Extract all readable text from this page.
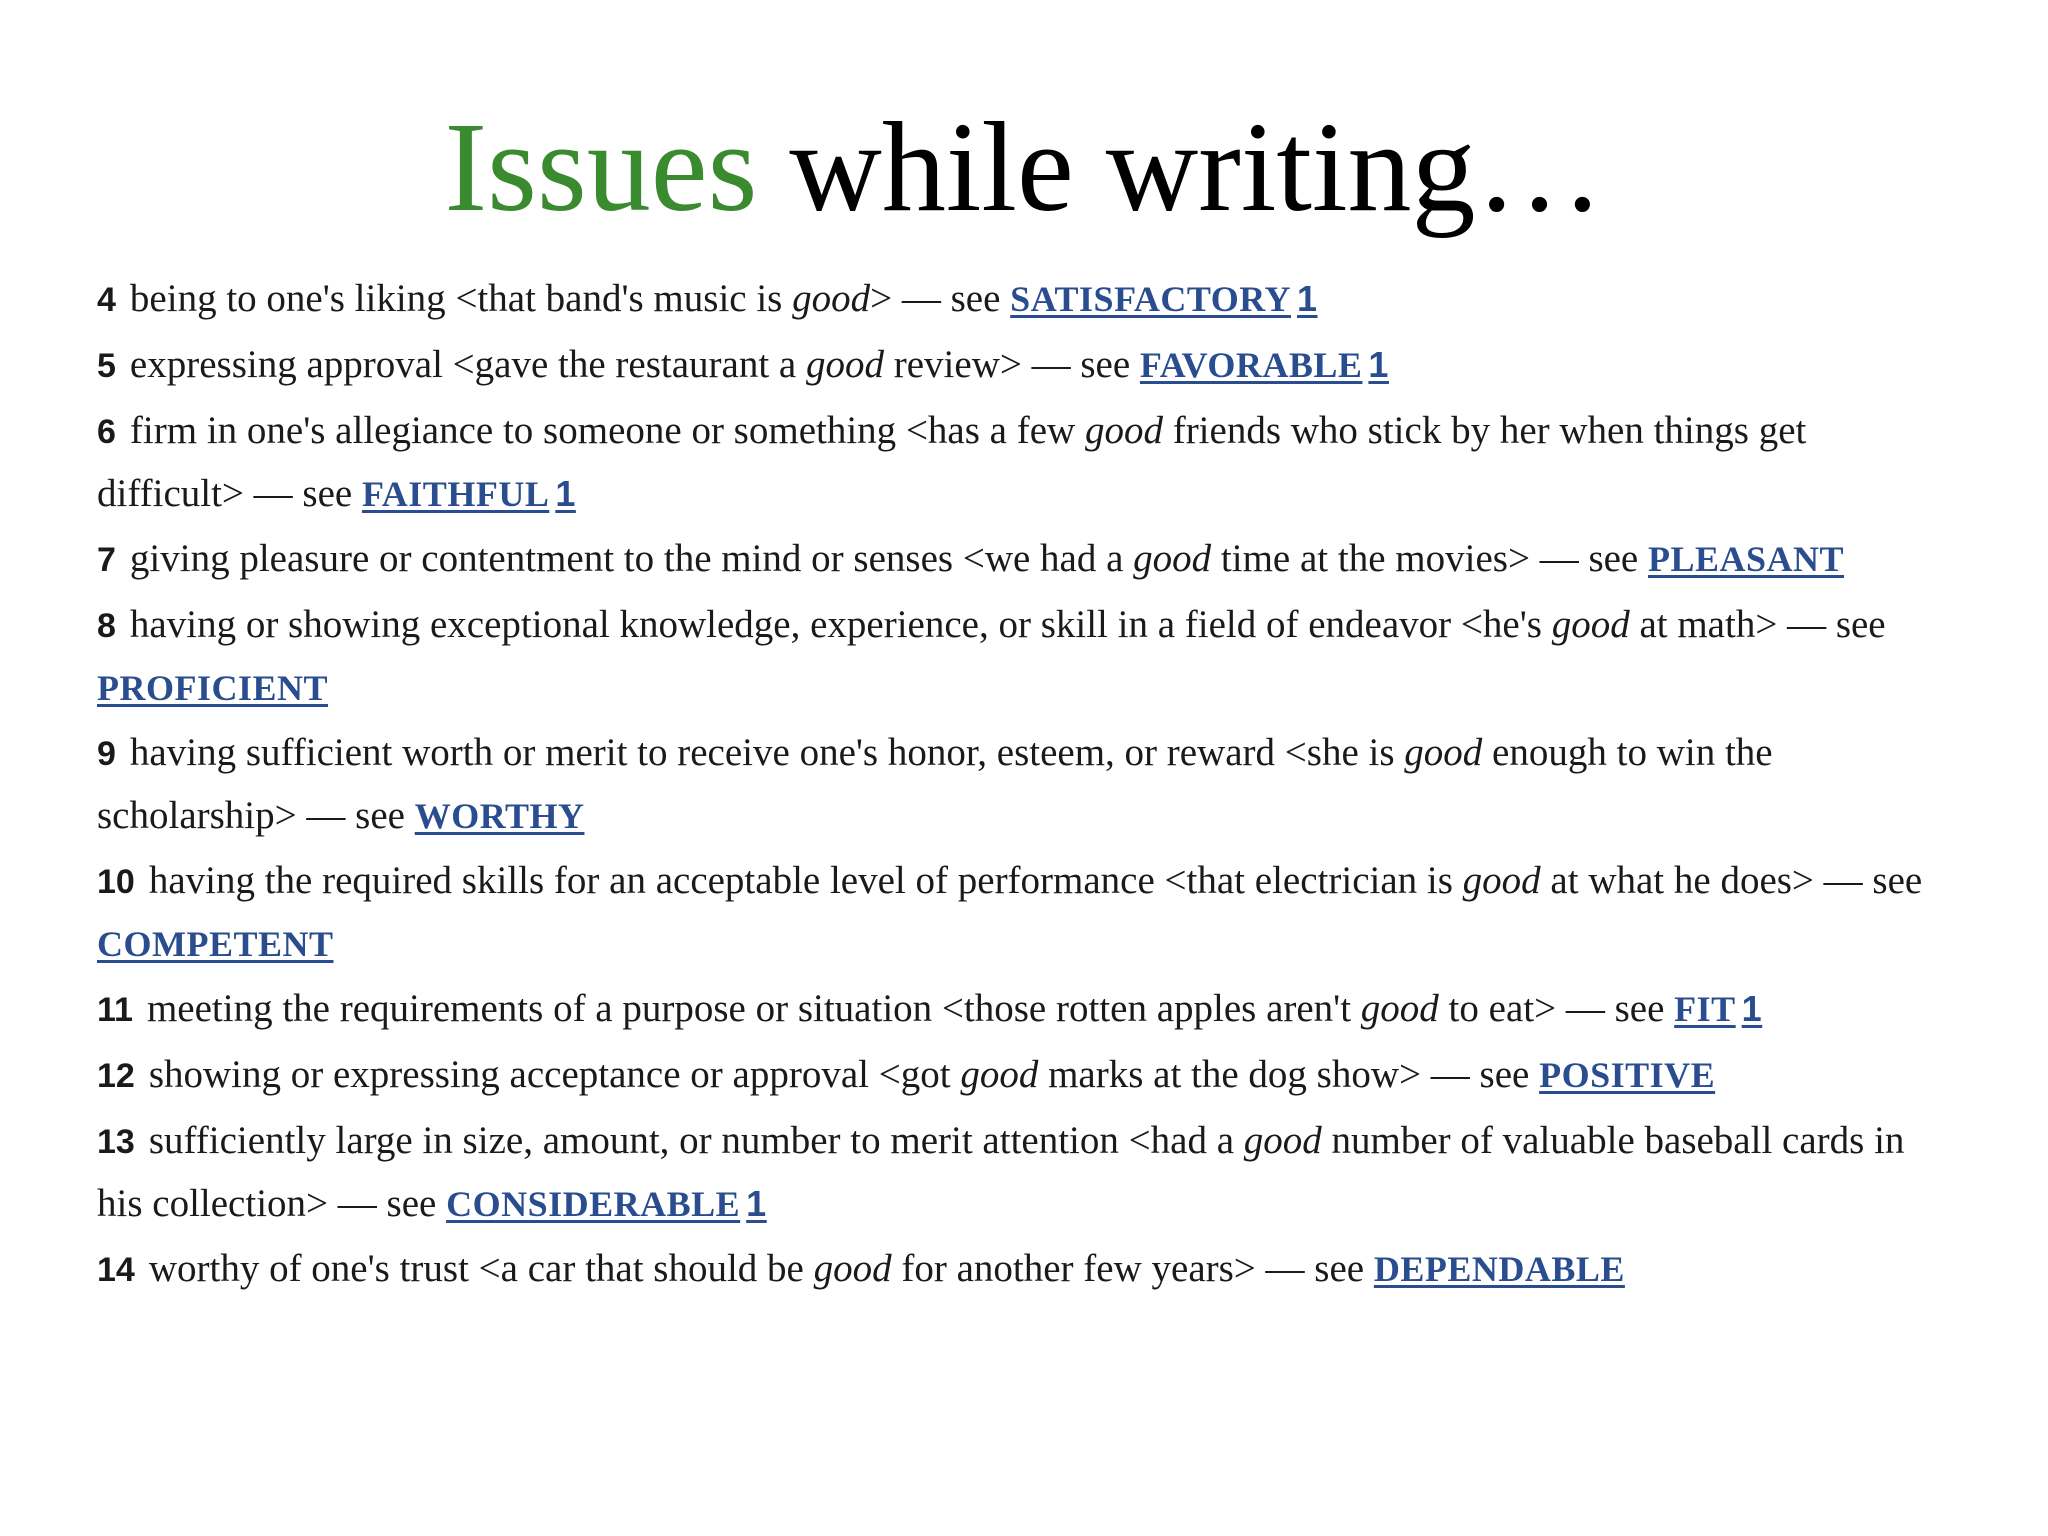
Issues while writing…
4 being to one's liking <that band's music is good> — see SATISFACTORY 1
5 expressing approval <gave the restaurant a good review> — see FAVORABLE 1
6 firm in one's allegiance to someone or something <has a few good friends who stick by her when things get difficult> — see FAITHFUL 1
7 giving pleasure or contentment to the mind or senses <we had a good time at the movies> — see PLEASANT
8 having or showing exceptional knowledge, experience, or skill in a field of endeavor <he's good at math> — see PROFICIENT
9 having sufficient worth or merit to receive one's honor, esteem, or reward <she is good enough to win the scholarship> — see WORTHY
10 having the required skills for an acceptable level of performance <that electrician is good at what he does> — see COMPETENT
11 meeting the requirements of a purpose or situation <those rotten apples aren't good to eat> — see FIT 1
12 showing or expressing acceptance or approval <got good marks at the dog show> — see POSITIVE
13 sufficiently large in size, amount, or number to merit attention <had a good number of valuable baseball cards in his collection> — see CONSIDERABLE 1
14 worthy of one's trust <a car that should be good for another few years> — see DEPENDABLE
